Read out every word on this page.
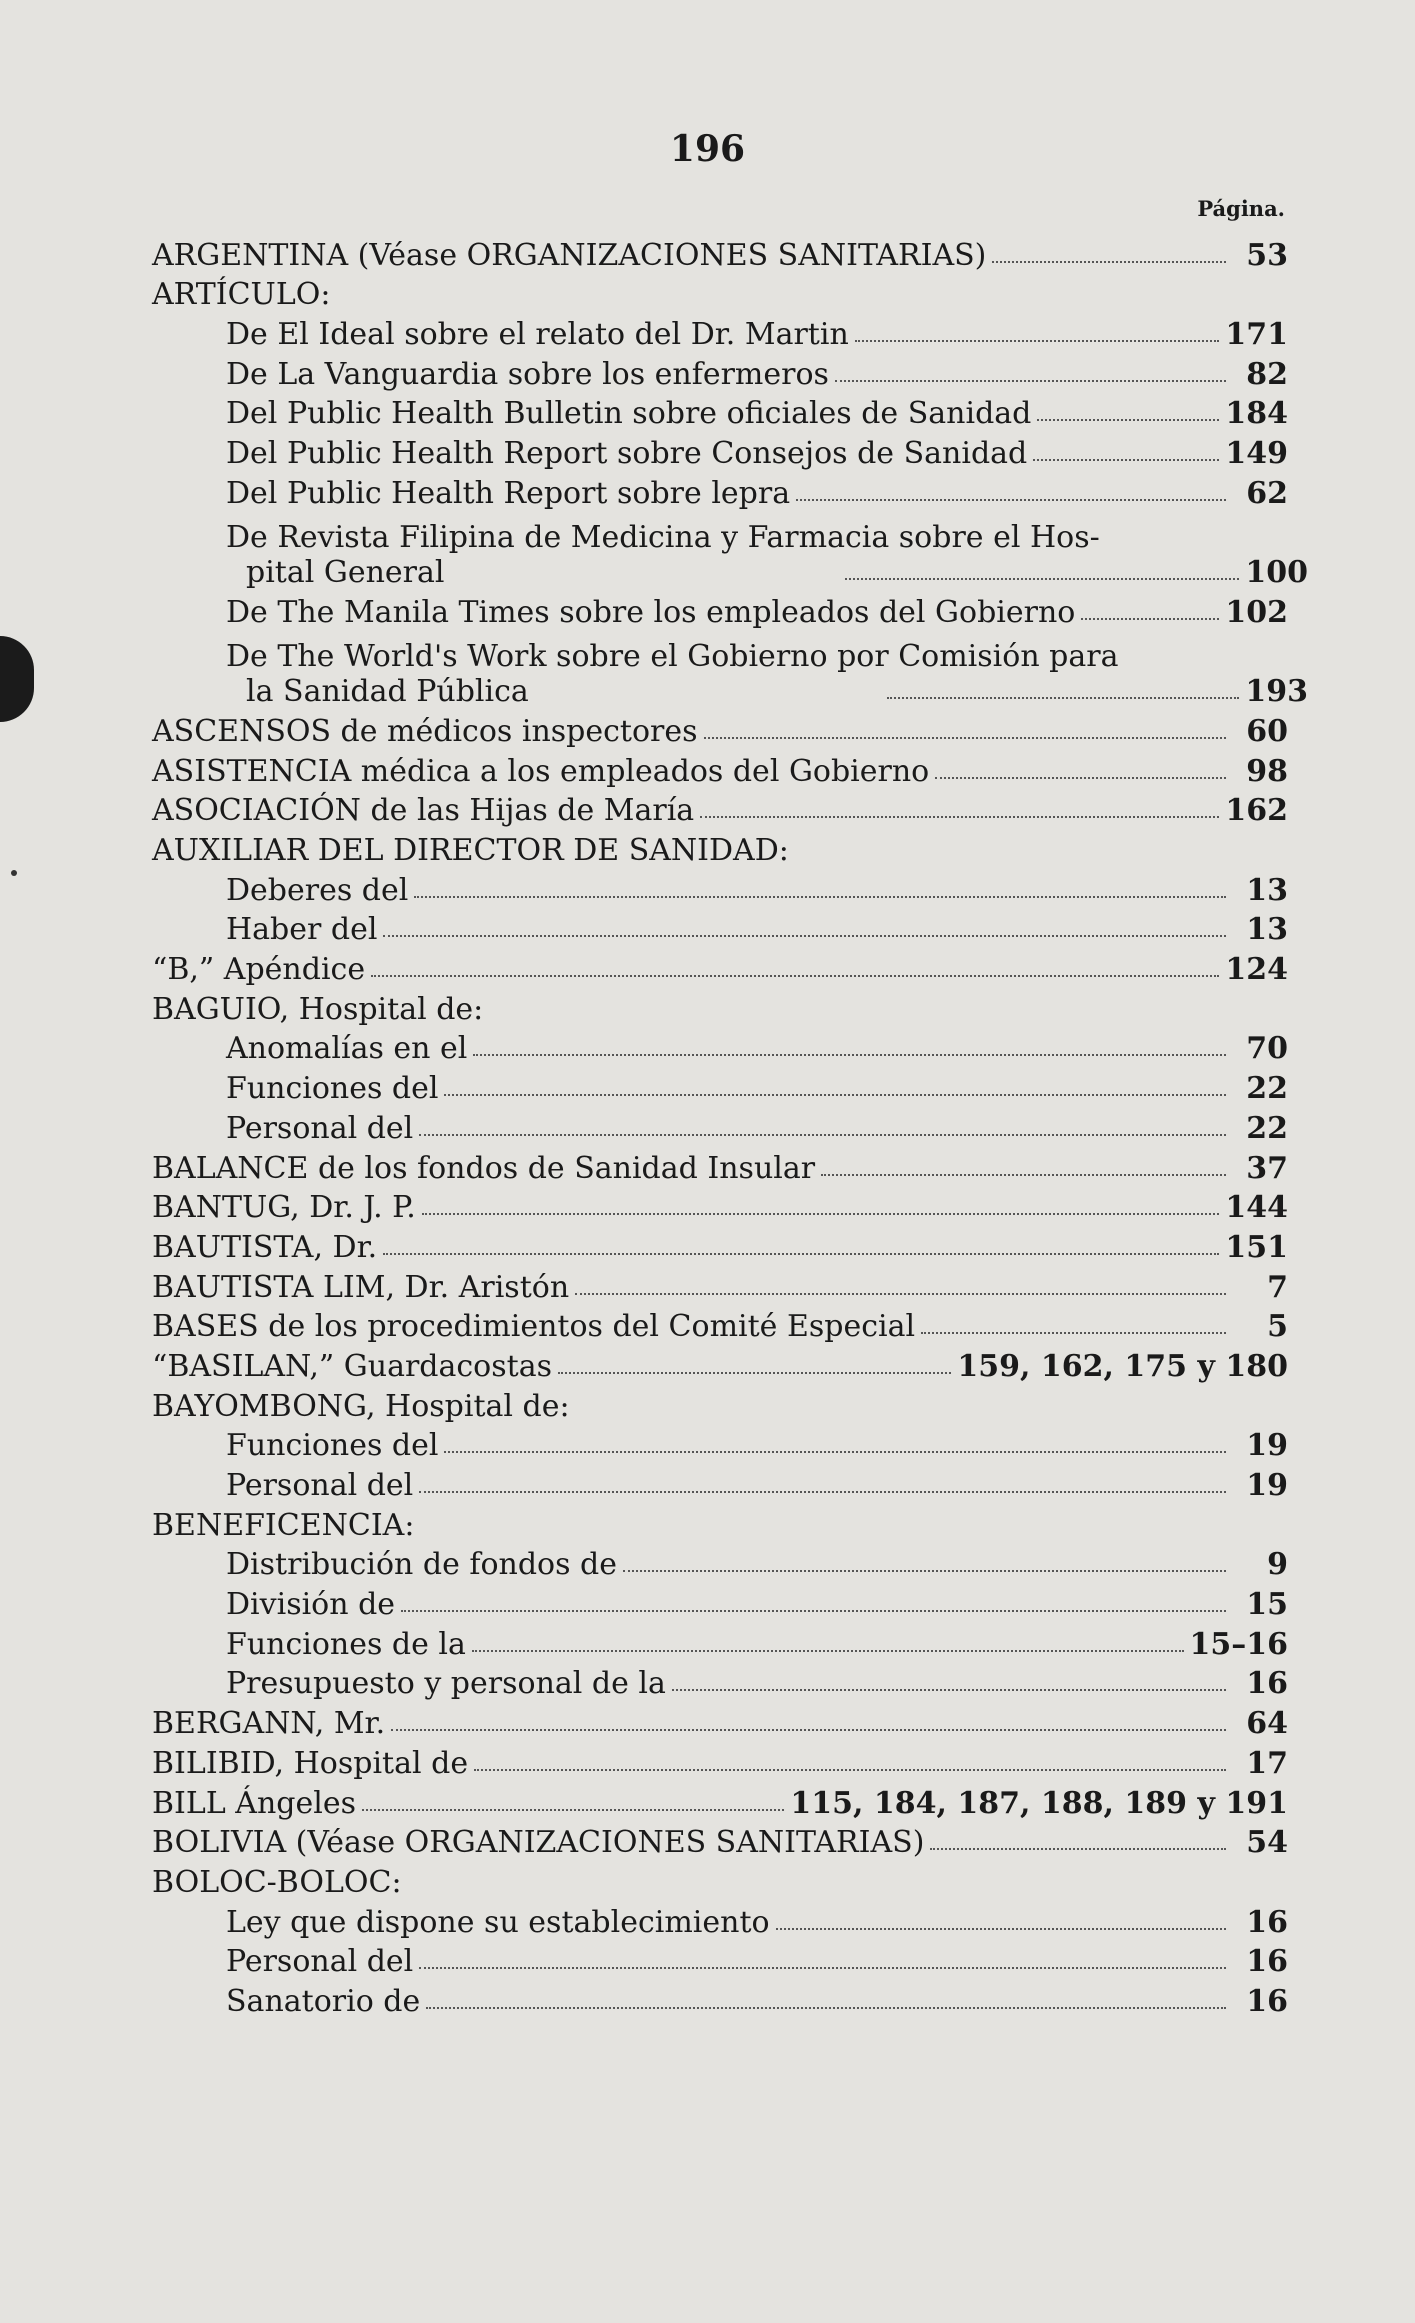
196
Página.
ARGENTINA (Véase ORGANIZACIONES SANITARIAS)	53
ARTÍCULO:
De El Ideal sobre el relato del Dr. Martin	171
De La Vanguardia sobre los enfermeros	82
Del Public Health Bulletin sobre oficiales de Sanidad	184
Del Public Health Report sobre Consejos de Sanidad	149
Del Public Health Report sobre lepra	62
De Revista Filipina de Medicina y Farmacia sobre el Hos-
pital General	100
De The Manila Times sobre los empleados del Gobierno	102
De The World's Work sobre el Gobierno por Comisión para
la Sanidad Pública	193
ASCENSOS de médicos inspectores	60
ASISTENCIA médica a los empleados del Gobierno	98
ASOCIACIÓN de las Hijas de María	162
AUXILIAR DEL DIRECTOR DE SANIDAD:
Deberes del	13
Haber del	13
“B,” Apéndice	124
BAGUIO, Hospital de:
Anomalías en el	70
Funciones del	22
Personal del	22
BALANCE de los fondos de Sanidad Insular	37
BANTUG, Dr. J. P.	144
BAUTISTA, Dr.	151
BAUTISTA LIM, Dr. Aristón	7
BASES de los procedimientos del Comité Especial	5
“BASILAN,” Guardacostas	159, 162, 175 y 180
BAYOMBONG, Hospital de:
Funciones del	19
Personal del	19
BENEFICENCIA:
Distribución de fondos de	9
División de	15
Funciones de la	15–16
Presupuesto y personal de la	16
BERGANN, Mr.	64
BILIBID, Hospital de	17
BILL Ángeles	115, 184, 187, 188, 189 y 191
BOLIVIA (Véase ORGANIZACIONES SANITARIAS)	54
BOLOC-BOLOC:
Ley que dispone su establecimiento	16
Personal del	16
Sanatorio de	16
